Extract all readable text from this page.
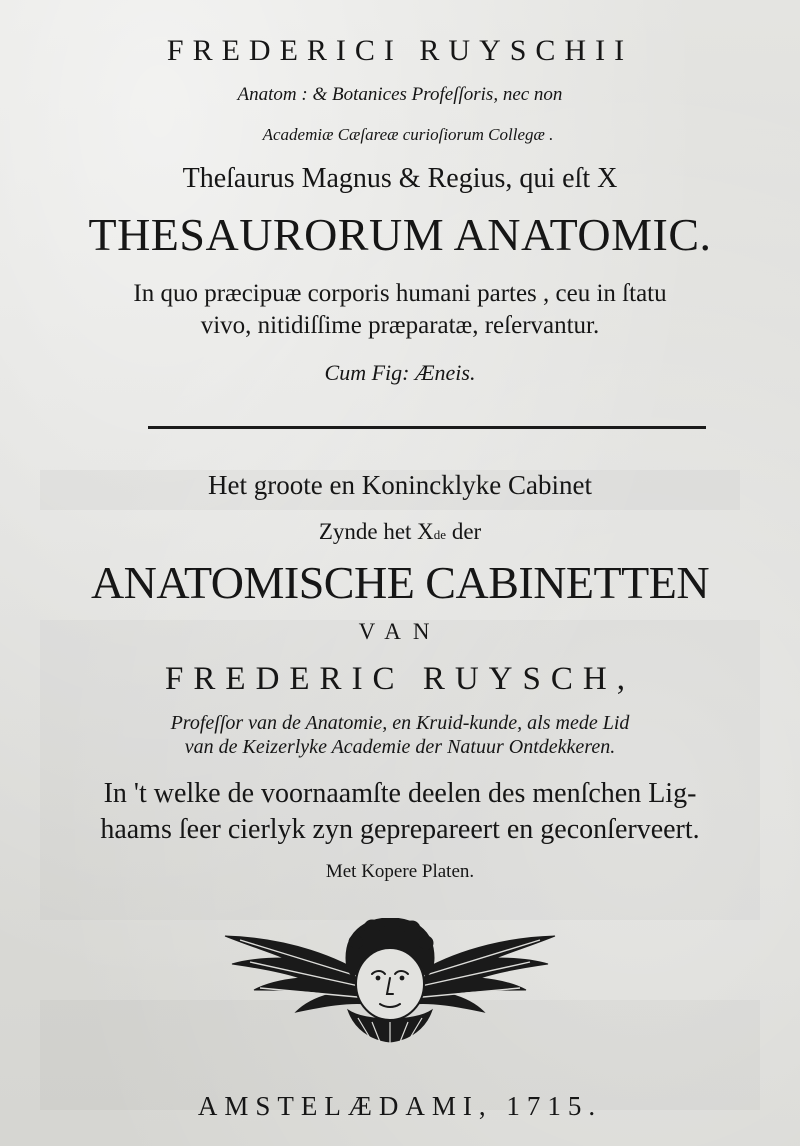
FREDERICI RUYSCHII
Anatom : & Botanices Profeſſoris, nec non
Academiæ Cæſareæ curioſiorum Collegæ .
Theſaurus Magnus & Regius, qui eſt X
THESAURORUM ANATOMIC.
In quo præcipuæ corporis humani partes , ceu in ſtatu
vivo, nitidiſſime præparatæ, reſervantur.
Cum Fig: Æneis.
Het groote en Konincklyke Cabinet
Zynde het Xde der
ANATOMISCHE CABINETTEN
VAN
FREDERIC RUYSCH,
Profeſſor van de Anatomie, en Kruid-kunde, als mede Lid
van de Keizerlyke Academie der Natuur Ontdekkeren.
In 't welke de voornaamſte deelen des menſchen Lig-
haams ſeer cierlyk zyn geprepareert en geconſerveert.
Met Kopere Platen.
AMSTELÆDAMI, 1715.
